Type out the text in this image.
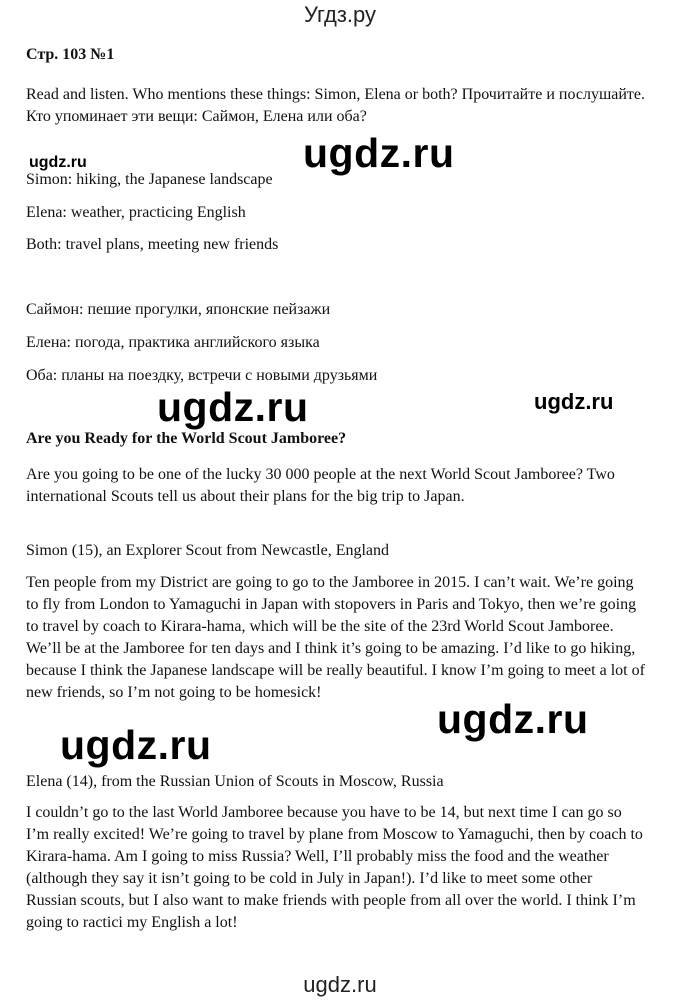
Угдз.ру
Стр. 103 №1
Read and listen. Who mentions these things: Simon, Elena or both? Прочитайте и послушайте. Кто упоминает эти вещи: Саймон, Елена или оба?
ugdz.ru	ugdz.ru
Simon: hiking, the Japanese landscape
Elena: weather, practicing English
Both: travel plans, meeting new friends
Саймон: пешие прогулки, японские пейзажи
Елена: погода, практика английского языка
Оба: планы на поездку, встречи с новыми друзьями
ugdz.ru	ugdz.ru
Are you Ready for the World Scout Jamboree?
Are you going to be one of the lucky 30 000 people at the next World Scout Jamboree? Two international Scouts tell us about their plans for the big trip to Japan.
Simon (15), an Explorer Scout from Newcastle, England
Ten people from my District are going to go to the Jamboree in 2015. I can’t wait. We’re going to fly from London to Yamaguchi in Japan with stopovers in Paris and Tokyo, then we’re going to travel by coach to Kirara-hama, which will be the site of the 23rd World Scout Jamboree. We’ll be at the Jamboree for ten days and I think it’s going to be amazing. I’d like to go hiking, because I think the Japanese landscape will be really beautiful. I know I’m going to meet a lot of new friends, so I’m not going to be homesick!
ugdz.ru
ugdz.ru
Elena (14), from the Russian Union of Scouts in Moscow, Russia
I couldn’t go to the last World Jamboree because you have to be 14, but next time I can go so I’m really excited! We’re going to travel by plane from Moscow to Yamaguchi, then by coach to Kirara-hama. Am I going to miss Russia? Well, I’ll probably miss the food and the weather (although they say it isn’t going to be cold in July in Japan!). I’d like to meet some other Russian scouts, but I also want to make friends with people from all over the world. I think I’m going to ractici my English a lot!
ugdz.ru
